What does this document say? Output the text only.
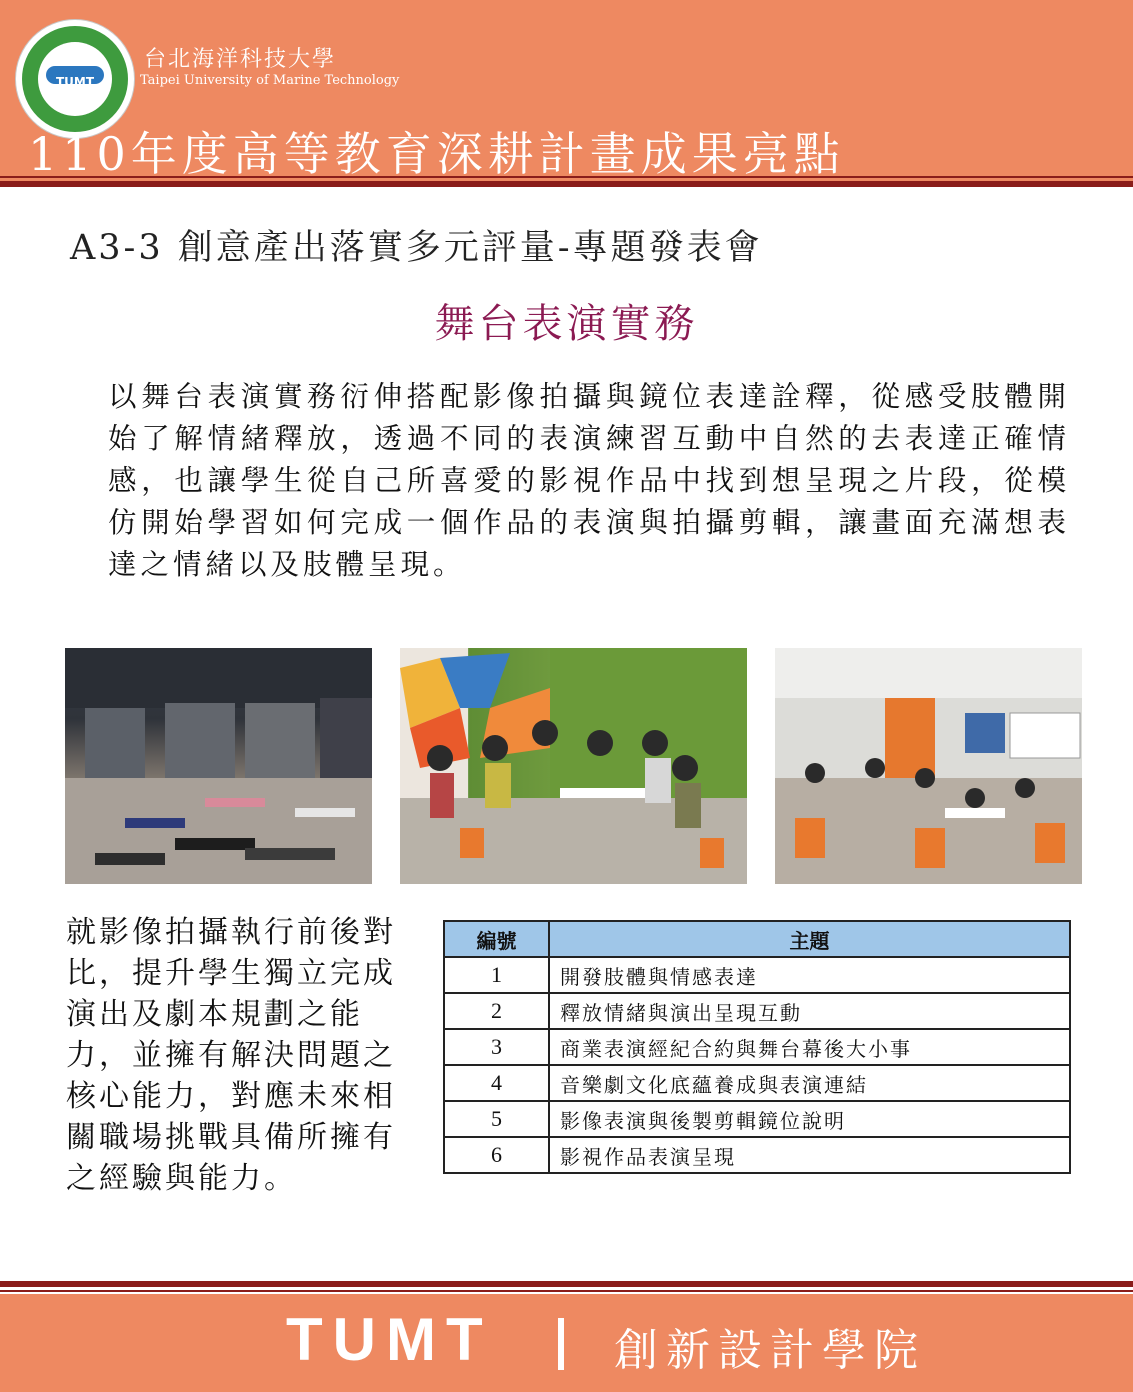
TUMT
台北海洋科技大學
Taipei University of Marine Technology
110年度高等教育深耕計畫成果亮點
A3-3 創意產出落實多元評量-專題發表會
舞台表演實務
以舞台表演實務衍伸搭配影像拍攝與鏡位表達詮釋，從感受肢體開始了解情緒釋放，透過不同的表演練習互動中自然的去表達正確情感，也讓學生從自己所喜愛的影視作品中找到想呈現之片段，從模仿開始學習如何完成一個作品的表演與拍攝剪輯，讓畫面充滿想表達之情緒以及肢體呈現。
就影像拍攝執行前後對比，提升學生獨立完成演出及劇本規劃之能力，並擁有解決問題之核心能力，對應未來相關職場挑戰具備所擁有之經驗與能力。
編號	主題
1	開發肢體與情感表達
2	釋放情緒與演出呈現互動
3	商業表演經紀合約與舞台幕後大小事
4	音樂劇文化底蘊養成與表演連結
5	影像表演與後製剪輯鏡位說明
6	影視作品表演呈現
TUMT	創新設計學院
